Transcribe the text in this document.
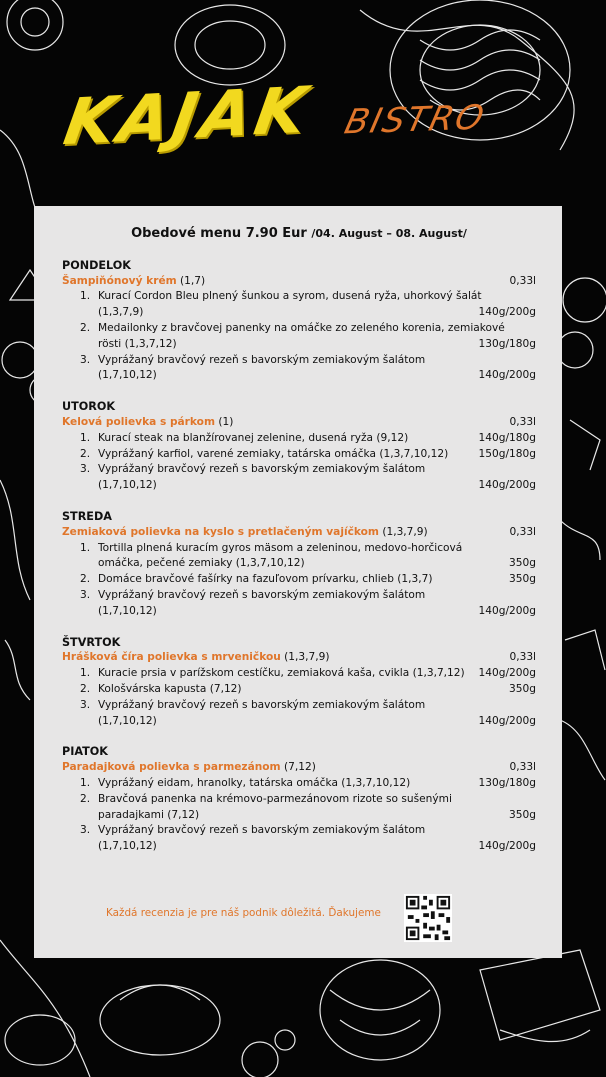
KAJAK BISTRO
Obedové menu 7.90 Eur /04. August – 08. August/
PONDELOK
Šampiňónový krém (1,7)	0,33l
1. Kurací Cordon Bleu plnený šunkou a syrom, dusená ryža, uhorkový šalát
(1,3,7,9)	140g/200g
2. Medailonky z bravčovej panenky na omáčke zo zeleného korenia, zemiakové
rösti (1,3,7,12)	130g/180g
3. Vyprážaný bravčový rezeň s bavorským zemiakovým šalátom
(1,7,10,12)	140g/200g
UTOROK
Kelová polievka s párkom (1)	0,33l
1. Kurací steak na blanžírovanej zelenine, dusená ryža (9,12)	140g/180g
2. Vyprážaný karfiol, varené zemiaky, tatárska omáčka (1,3,7,10,12)	150g/180g
3. Vyprážaný bravčový rezeň s bavorským zemiakovým šalátom
(1,7,10,12)	140g/200g
STREDA
Zemiaková polievka na kyslo s pretlačeným vajíčkom (1,3,7,9)	0,33l
1. Tortilla plnená kuracím gyros mäsom a zeleninou, medovo-horčicová
omáčka, pečené zemiaky (1,3,7,10,12)	350g
2. Domáce bravčové fašírky na fazuľovom prívarku, chlieb (1,3,7)	350g
3. Vyprážaný bravčový rezeň s bavorským zemiakovým šalátom
(1,7,10,12)	140g/200g
ŠTVRTOK
Hrášková číra polievka s mrveničkou (1,3,7,9)	0,33l
1. Kuracie prsia v parížskom cestíčku, zemiaková kaša, cvikla (1,3,7,12) 140g/200g
2. Kološvárska kapusta (7,12)	350g
3. Vyprážaný bravčový rezeň s bavorským zemiakovým šalátom
(1,7,10,12)	140g/200g
PIATOK
Paradajková polievka s parmezánom (7,12)	0,33l
1. Vyprážaný eidam, hranolky, tatárska omáčka (1,3,7,10,12)	130g/180g
2. Bravčová panenka na krémovo-parmezánovom rizote so sušenými
paradajkami (7,12)	350g
3. Vyprážaný bravčový rezeň s bavorským zemiakovým šalátom
(1,7,10,12)	140g/200g
Každá recenzia je pre náš podnik dôležitá. Ďakujeme
